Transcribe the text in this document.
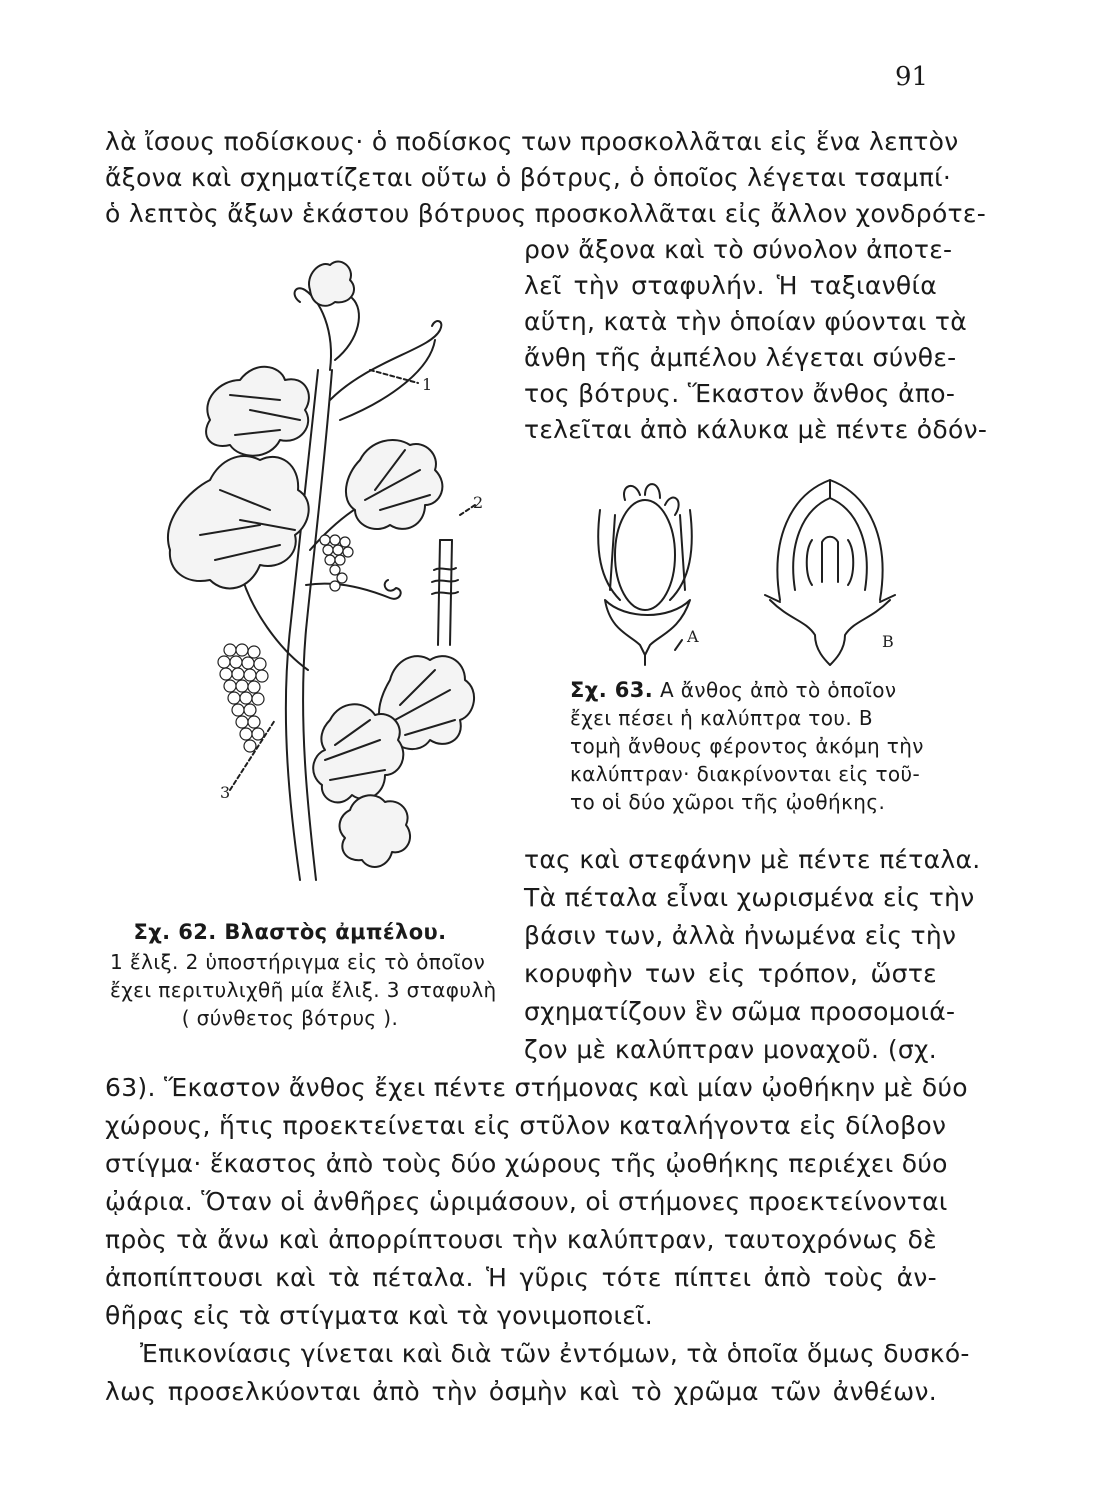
91
λὰ ἴσους ποδίσκους· ὁ ποδίσκος των προσκολλᾶται εἰς ἕνα λεπτὸν
ἄξονα καὶ σχηματίζεται οὕτω ὁ βότρυς, ὁ ὁποῖος λέγεται τσαμπί·
ὁ λεπτὸς ἄξων ἑκάστου βότρυος προσκολλᾶται εἰς ἄλλον χονδρότε-
ρον ἄξονα καὶ τὸ σύνολον ἀποτε-
λεῖ τὴν σταφυλήν. Ἡ ταξιανθία
αὕτη, κατὰ τὴν ὁποίαν φύονται τὰ
ἄνθη τῆς ἀμπέλου λέγεται σύνθε-
τος βότρυς. Ἕκαστον ἄνθος ἀπο-
τελεῖται ἀπὸ κάλυκα μὲ πέντε ὀδόν-
1
2
3
Α	Β
Σχ. 63. Α ἄνθος ἀπὸ τὸ ὁποῖον
ἔχει πέσει ἡ καλύπτρα του. Β
τομὴ ἄνθους φέροντος ἀκόμη τὴν
καλύπτραν· διακρίνονται εἰς τοῦ-
το οἱ δύο χῶροι τῆς ᾠοθήκης.
τας καὶ στεφάνην μὲ πέντε πέταλα.
Τὰ πέταλα εἶναι χωρισμένα εἰς τὴν
βάσιν των, ἀλλὰ ἠνωμένα εἰς τὴν
κορυφὴν των εἰς τρόπον, ὥστε
σχηματίζουν ἓν σῶμα προσομοιά-
ζον μὲ καλύπτραν μοναχοῦ. (σχ.
Σχ. 62. Βλαστὸς ἀμπέλου.
1 ἔλιξ. 2 ὑποστήριγμα εἰς τὸ ὁποῖον
ἔχει περιτυλιχθῆ μία ἔλιξ. 3 σταφυλὴ
( σύνθετος βότρυς ).
63). Ἕκαστον ἄνθος ἔχει πέντε στήμονας καὶ μίαν ᾠοθήκην μὲ δύο
χώρους, ἥτις προεκτείνεται εἰς στῦλον καταλήγοντα εἰς δίλοβον
στίγμα· ἕκαστος ἀπὸ τοὺς δύο χώρους τῆς ᾠοθήκης περιέχει δύο
ᾠάρια. Ὅταν οἱ ἀνθῆρες ὡριμάσουν, οἱ στήμονες προεκτείνονται
πρὸς τὰ ἄνω καὶ ἀπορρίπτουσι τὴν καλύπτραν, ταυτοχρόνως δὲ
ἀποπίπτουσι καὶ τὰ πέταλα. Ἡ γῦρις τότε πίπτει ἀπὸ τοὺς ἀν-
θῆρας εἰς τὰ στίγματα καὶ τὰ γονιμοποιεῖ.
Ἐπικονίασις γίνεται καὶ διὰ τῶν ἐντόμων, τὰ ὁποῖα ὅμως δυσκό-
λως προσελκύονται ἀπὸ τὴν ὀσμὴν καὶ τὸ χρῶμα τῶν ἀνθέων.
